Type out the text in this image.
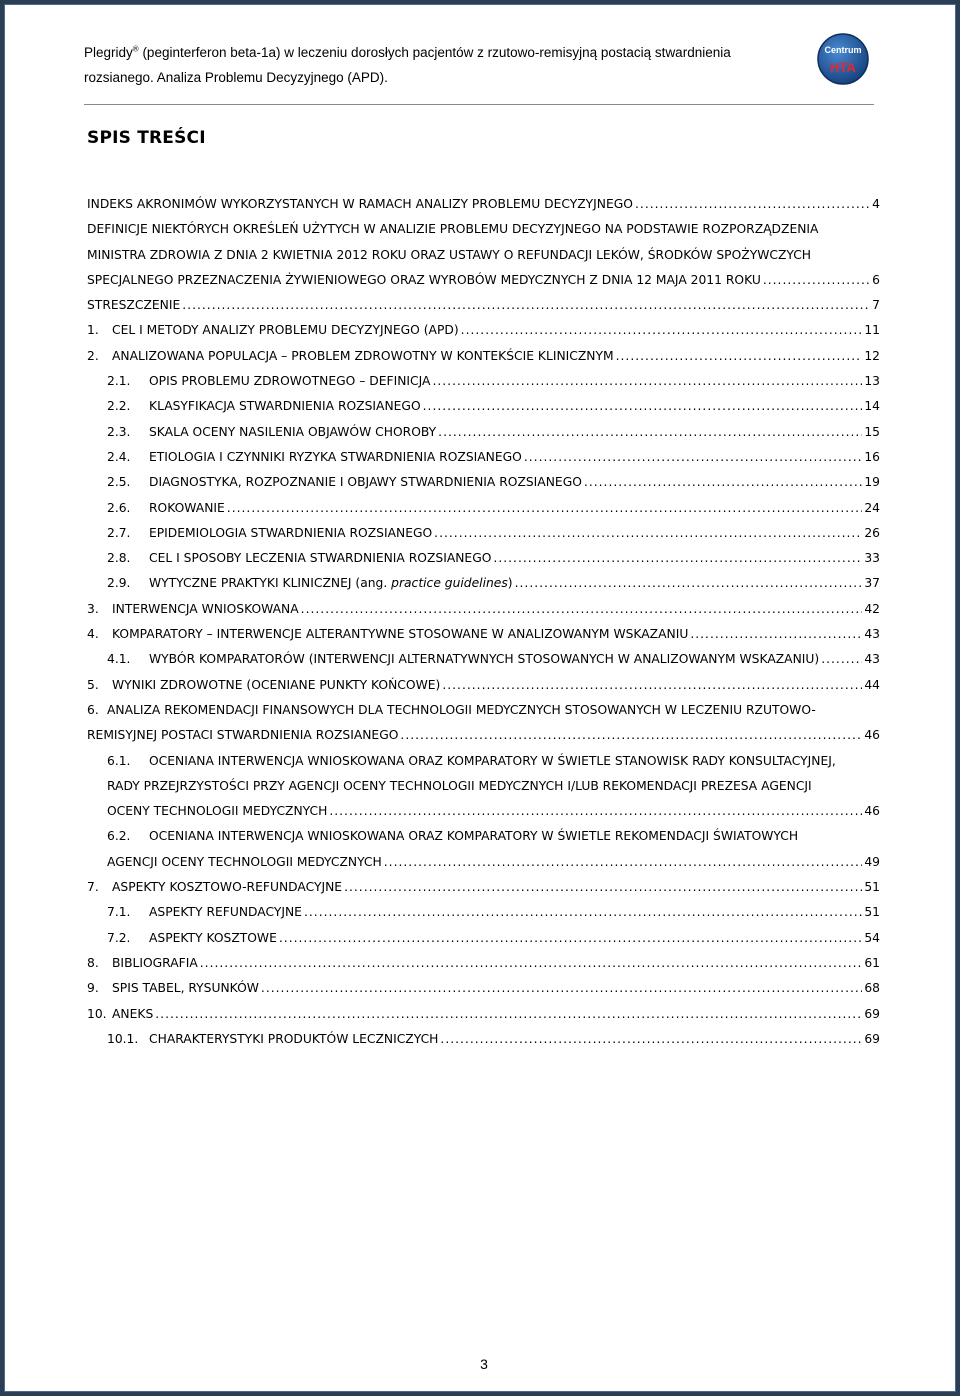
Plegridy® (peginterferon beta-1a) w leczeniu dorosłych pacjentów z rzutowo-remisyjną postacią stwardnienia
rozsianego. Analiza Problemu Decyzyjnego (APD).
Centrum
HTA
SPIS TREŚCI
INDEKS AKRONIMÓW WYKORZYSTANYCH W RAMACH ANALIZY PROBLEMU DECYZYJNEGO .....	4
DEFINICJE NIEKTÓRYCH OKREŚLEŃ UŻYTYCH W ANALIZIE PROBLEMU DECYZYJNEGO NA PODSTAWIE ROZPORZĄDZENIA
MINISTRA ZDROWIA Z DNIA 2 KWIETNIA 2012 ROKU ORAZ USTAWY O REFUNDACJI LEKÓW, ŚRODKÓW SPOŻYWCZYCH
SPECJALNEGO PRZEZNACZENIA ŻYWIENIOWEGO ORAZ WYROBÓW MEDYCZNYCH Z DNIA 12 MAJA 2011 ROKU .....	6
STRESZCZENIE .....	7
1.	CEL I METODY ANALIZY PROBLEMU DECYZYJNEGO (APD) .....	11
2.	ANALIZOWANA POPULACJA – PROBLEM ZDROWOTNY W KONTEKŚCIE KLINICZNYM .....	12
2.1.	OPIS PROBLEMU ZDROWOTNEGO – DEFINICJA .....	13
2.2.	KLASYFIKACJA STWARDNIENIA ROZSIANEGO .....	14
2.3.	SKALA OCENY NASILENIA OBJAWÓW CHOROBY .....	15
2.4.	ETIOLOGIA I CZYNNIKI RYZYKA STWARDNIENIA ROZSIANEGO .....	16
2.5.	DIAGNOSTYKA, ROZPOZNANIE I OBJAWY STWARDNIENIA ROZSIANEGO .....	19
2.6.	ROKOWANIE .....	24
2.7.	EPIDEMIOLOGIA STWARDNIENIA ROZSIANEGO .....	26
2.8.	CEL I SPOSOBY LECZENIA STWARDNIENIA ROZSIANEGO .....	33
2.9.	WYTYCZNE PRAKTYKI KLINICZNEJ (ang. practice guidelines) .....	37
3.	INTERWENCJA WNIOSKOWANA .....	42
4.	KOMPARATORY – INTERWENCJE ALTERANTYWNE STOSOWANE W ANALIZOWANYM WSKAZANIU .....	43
4.1.	WYBÓR KOMPARATORÓW (INTERWENCJI ALTERNATYWNYCH STOSOWANYCH W ANALIZOWANYM WSKAZANIU) .....	43
5.	WYNIKI ZDROWOTNE (OCENIANE PUNKTY KOŃCOWE) .....	44
6. ANALIZA REKOMENDACJI FINANSOWYCH DLA TECHNOLOGII MEDYCZNYCH STOSOWANYCH W LECZENIU RZUTOWO-
REMISYJNEJ POSTACI STWARDNIENIA ROZSIANEGO .....	46
6.1. OCENIANA INTERWENCJA WNIOSKOWANA ORAZ KOMPARATORY W ŚWIETLE STANOWISK RADY KONSULTACYJNEJ,
RADY PRZEJRZYSTOŚCI PRZY AGENCJI OCENY TECHNOLOGII MEDYCZNYCH I/LUB REKOMENDACJI PREZESA AGENCJI
OCENY TECHNOLOGII MEDYCZNYCH .....	46
6.2. OCENIANA INTERWENCJA WNIOSKOWANA ORAZ KOMPARATORY W ŚWIETLE REKOMENDACJI ŚWIATOWYCH
AGENCJI OCENY TECHNOLOGII MEDYCZNYCH .....	49
7.	ASPEKTY KOSZTOWO-REFUNDACYJNE .....	51
7.1.	ASPEKTY REFUNDACYJNE .....	51
7.2.	ASPEKTY KOSZTOWE .....	54
8.	BIBLIOGRAFIA .....	61
9.	SPIS TABEL, RYSUNKÓW .....	68
10. ANEKS .....	69
10.1. CHARAKTERYSTYKI PRODUKTÓW LECZNICZYCH .....	69
3
